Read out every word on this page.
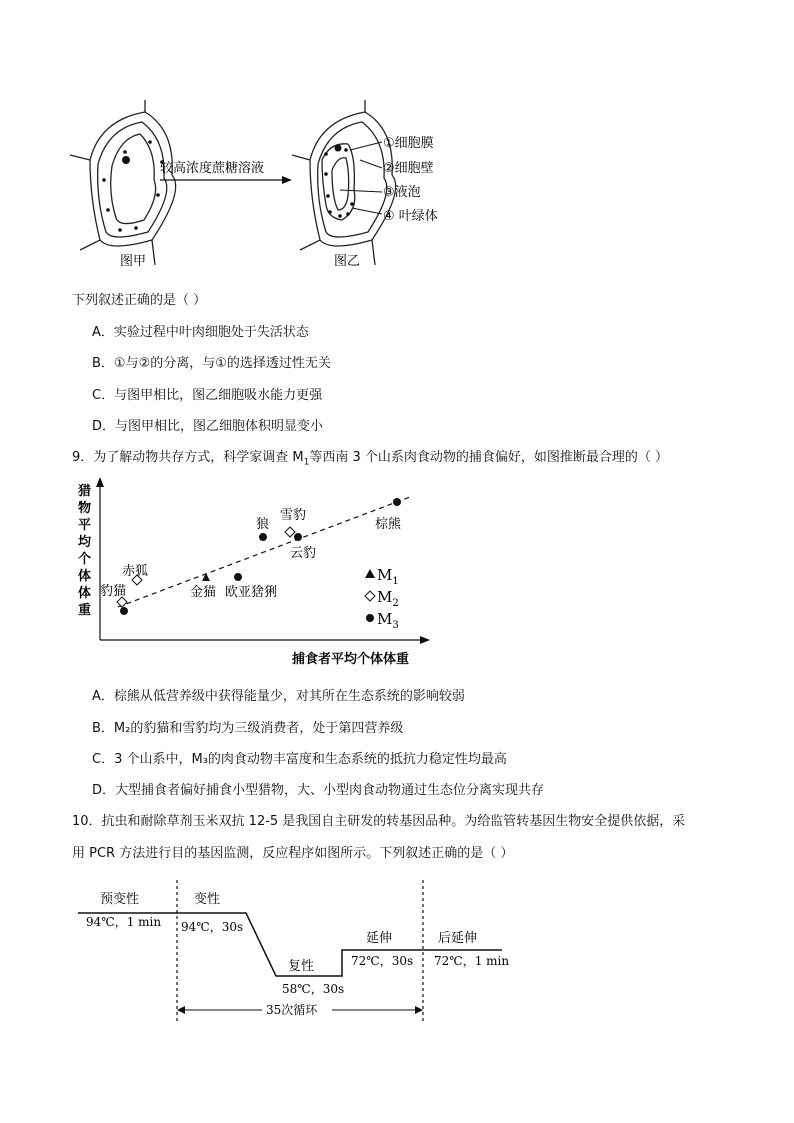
较高浓度蔗糖溶液
图甲
①细胞膜
②细胞壁
③液泡
④ 叶绿体
图乙
下列叙述正确的是（ ）
A．实验过程中叶肉细胞处于失活状态
B．①与②的分离，与①的选择透过性无关
C．与图甲相比，图乙细胞吸水能力更强
D．与图甲相比，图乙细胞体积明显变小
9．为了解动物共存方式，科学家调查 $M_1$等西南 3 个山系肉食动物的捕食偏好，如图推断最合理的（ ）
猎
物
平
均
个
体
体
重
捕食者平均个体体重
赤狐
豹猫	金猫 欧亚猞猁
狼
雪豹
云豹
棕熊
$M_1$
$M_2$
$M_3$
A．棕熊从低营养级中获得能量少，对其所在生态系统的影响较弱
B．M₂的豹猫和雪豹均为三级消费者，处于第四营养级
C．3 个山系中，M₃的肉食动物丰富度和生态系统的抵抗力稳定性均最高
D．大型捕食者偏好捕食小型猎物，大、小型肉食动物通过生态位分离实现共存
10．抗虫和耐除草剂玉米双抗 12-5 是我国自主研发的转基因品种。为给监管转基因生物安全提供依据，采
用 PCR 方法进行目的基因监测，反应程序如图所示。下列叙述正确的是（ ）
预变性
94℃，1 min
变性
94℃，30s
复性
58℃，30s
延伸
72℃，30s
后延伸
72℃，1 min
35次循环
